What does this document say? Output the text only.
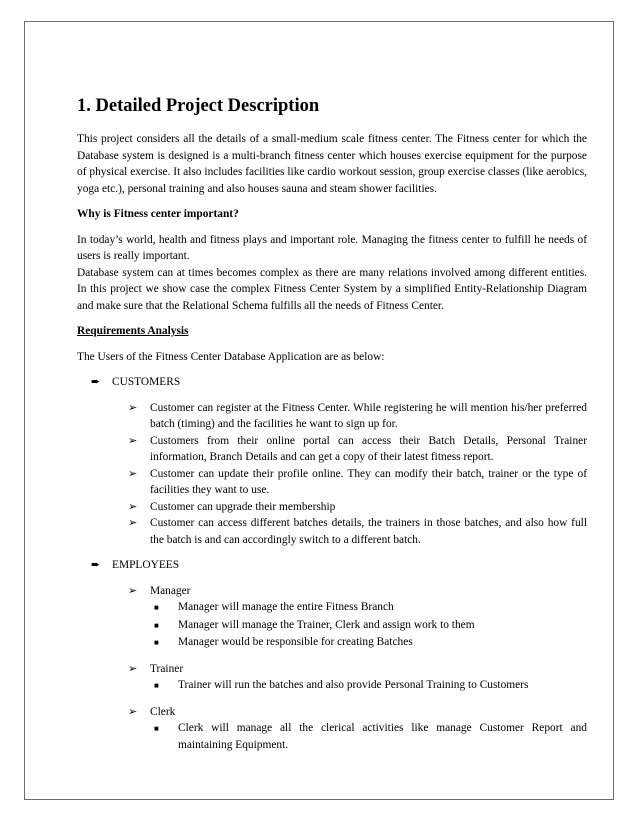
1. Detailed Project Description

This project considers all the details of a small-medium scale fitness center. The Fitness center for which the Database system is designed is a multi-branch fitness center which houses exercise equipment for the purpose of physical exercise. It also includes facilities like cardio workout session, group exercise classes (like aerobics, yoga etc.), personal training and also houses sauna and steam shower facilities.

Why is Fitness center important?

In today’s world, health and fitness plays and important role. Managing the fitness center to fulfill he needs of users is really important.

Database system can at times becomes complex as there are many relations involved among different entities. In this project we show case the complex Fitness Center System by a simplified Entity-Relationship Diagram and make sure that the Relational Schema fulfills all the needs of Fitness Center.

Requirements Analysis

The Users of the Fitness Center Database Application are as below:

➨	CUSTOMERS
➢	Customer can register at the Fitness Center. While registering he will mention his/her preferred batch (timing) and the facilities he want to sign up for.
➢	Customers from their online portal can access their Batch Details, Personal Trainer information, Branch Details and can get a copy of their latest fitness report.
➢	Customer can update their profile online. They can modify their batch, trainer or the type of facilities they want to use.
➢	Customer can upgrade their membership
➢	Customer can access different batches details, the trainers in those batches, and also how full the batch is and can accordingly switch to a different batch.
➨	EMPLOYEES
➢	Manager
■	Manager will manage the entire Fitness Branch
■	Manager will manage the Trainer, Clerk and assign work to them
■	Manager would be responsible for creating Batches
➢	Trainer
■	Trainer will run the batches and also provide Personal Training to Customers
➢	Clerk
■	Clerk will manage all the clerical activities like manage Customer Report and maintaining Equipment.
